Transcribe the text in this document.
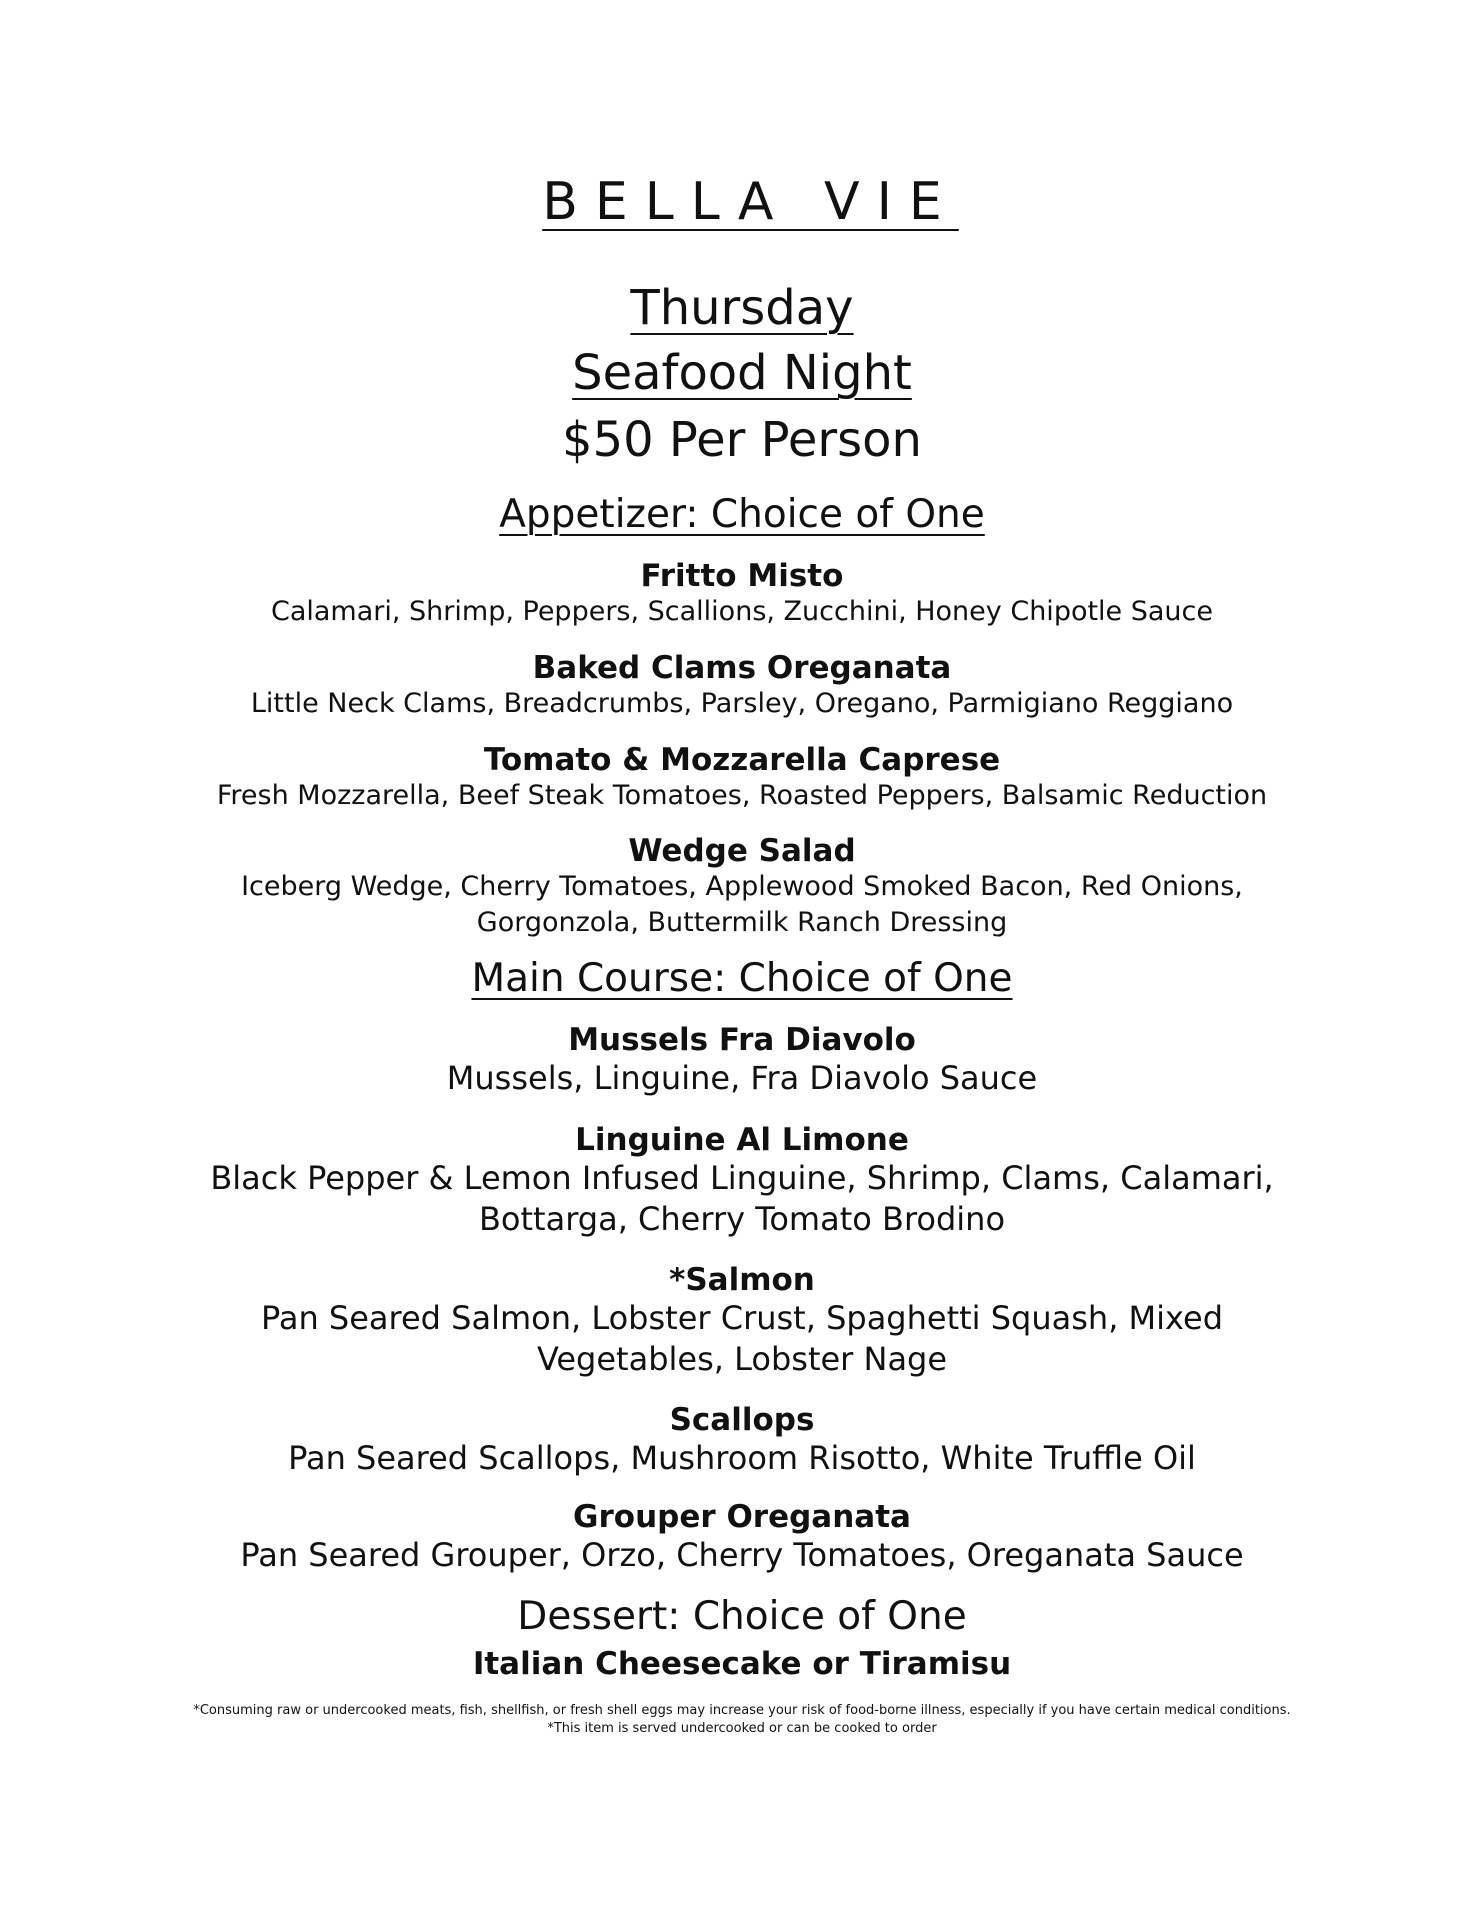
BELLA VIE
Thursday
Seafood Night
$50 Per Person
Appetizer: Choice of One
Fritto Misto
Calamari, Shrimp, Peppers, Scallions, Zucchini, Honey Chipotle Sauce
Baked Clams Oreganata
Little Neck Clams, Breadcrumbs, Parsley, Oregano, Parmigiano Reggiano
Tomato & Mozzarella Caprese
Fresh Mozzarella, Beef Steak Tomatoes, Roasted Peppers, Balsamic Reduction
Wedge Salad
Iceberg Wedge, Cherry Tomatoes, Applewood Smoked Bacon, Red Onions,
Gorgonzola, Buttermilk Ranch Dressing
Main Course: Choice of One
Mussels Fra Diavolo
Mussels, Linguine, Fra Diavolo Sauce
Linguine Al Limone
Black Pepper & Lemon Infused Linguine, Shrimp, Clams, Calamari,
Bottarga, Cherry Tomato Brodino
*Salmon
Pan Seared Salmon, Lobster Crust, Spaghetti Squash, Mixed
Vegetables, Lobster Nage
Scallops
Pan Seared Scallops, Mushroom Risotto, White Truffle Oil
Grouper Oreganata
Pan Seared Grouper, Orzo, Cherry Tomatoes, Oreganata Sauce
Dessert: Choice of One
Italian Cheesecake or Tiramisu
*Consuming raw or undercooked meats, fish, shellfish, or fresh shell eggs may increase your risk of food-borne illness, especially if you have certain medical conditions.
*This item is served undercooked or can be cooked to order
